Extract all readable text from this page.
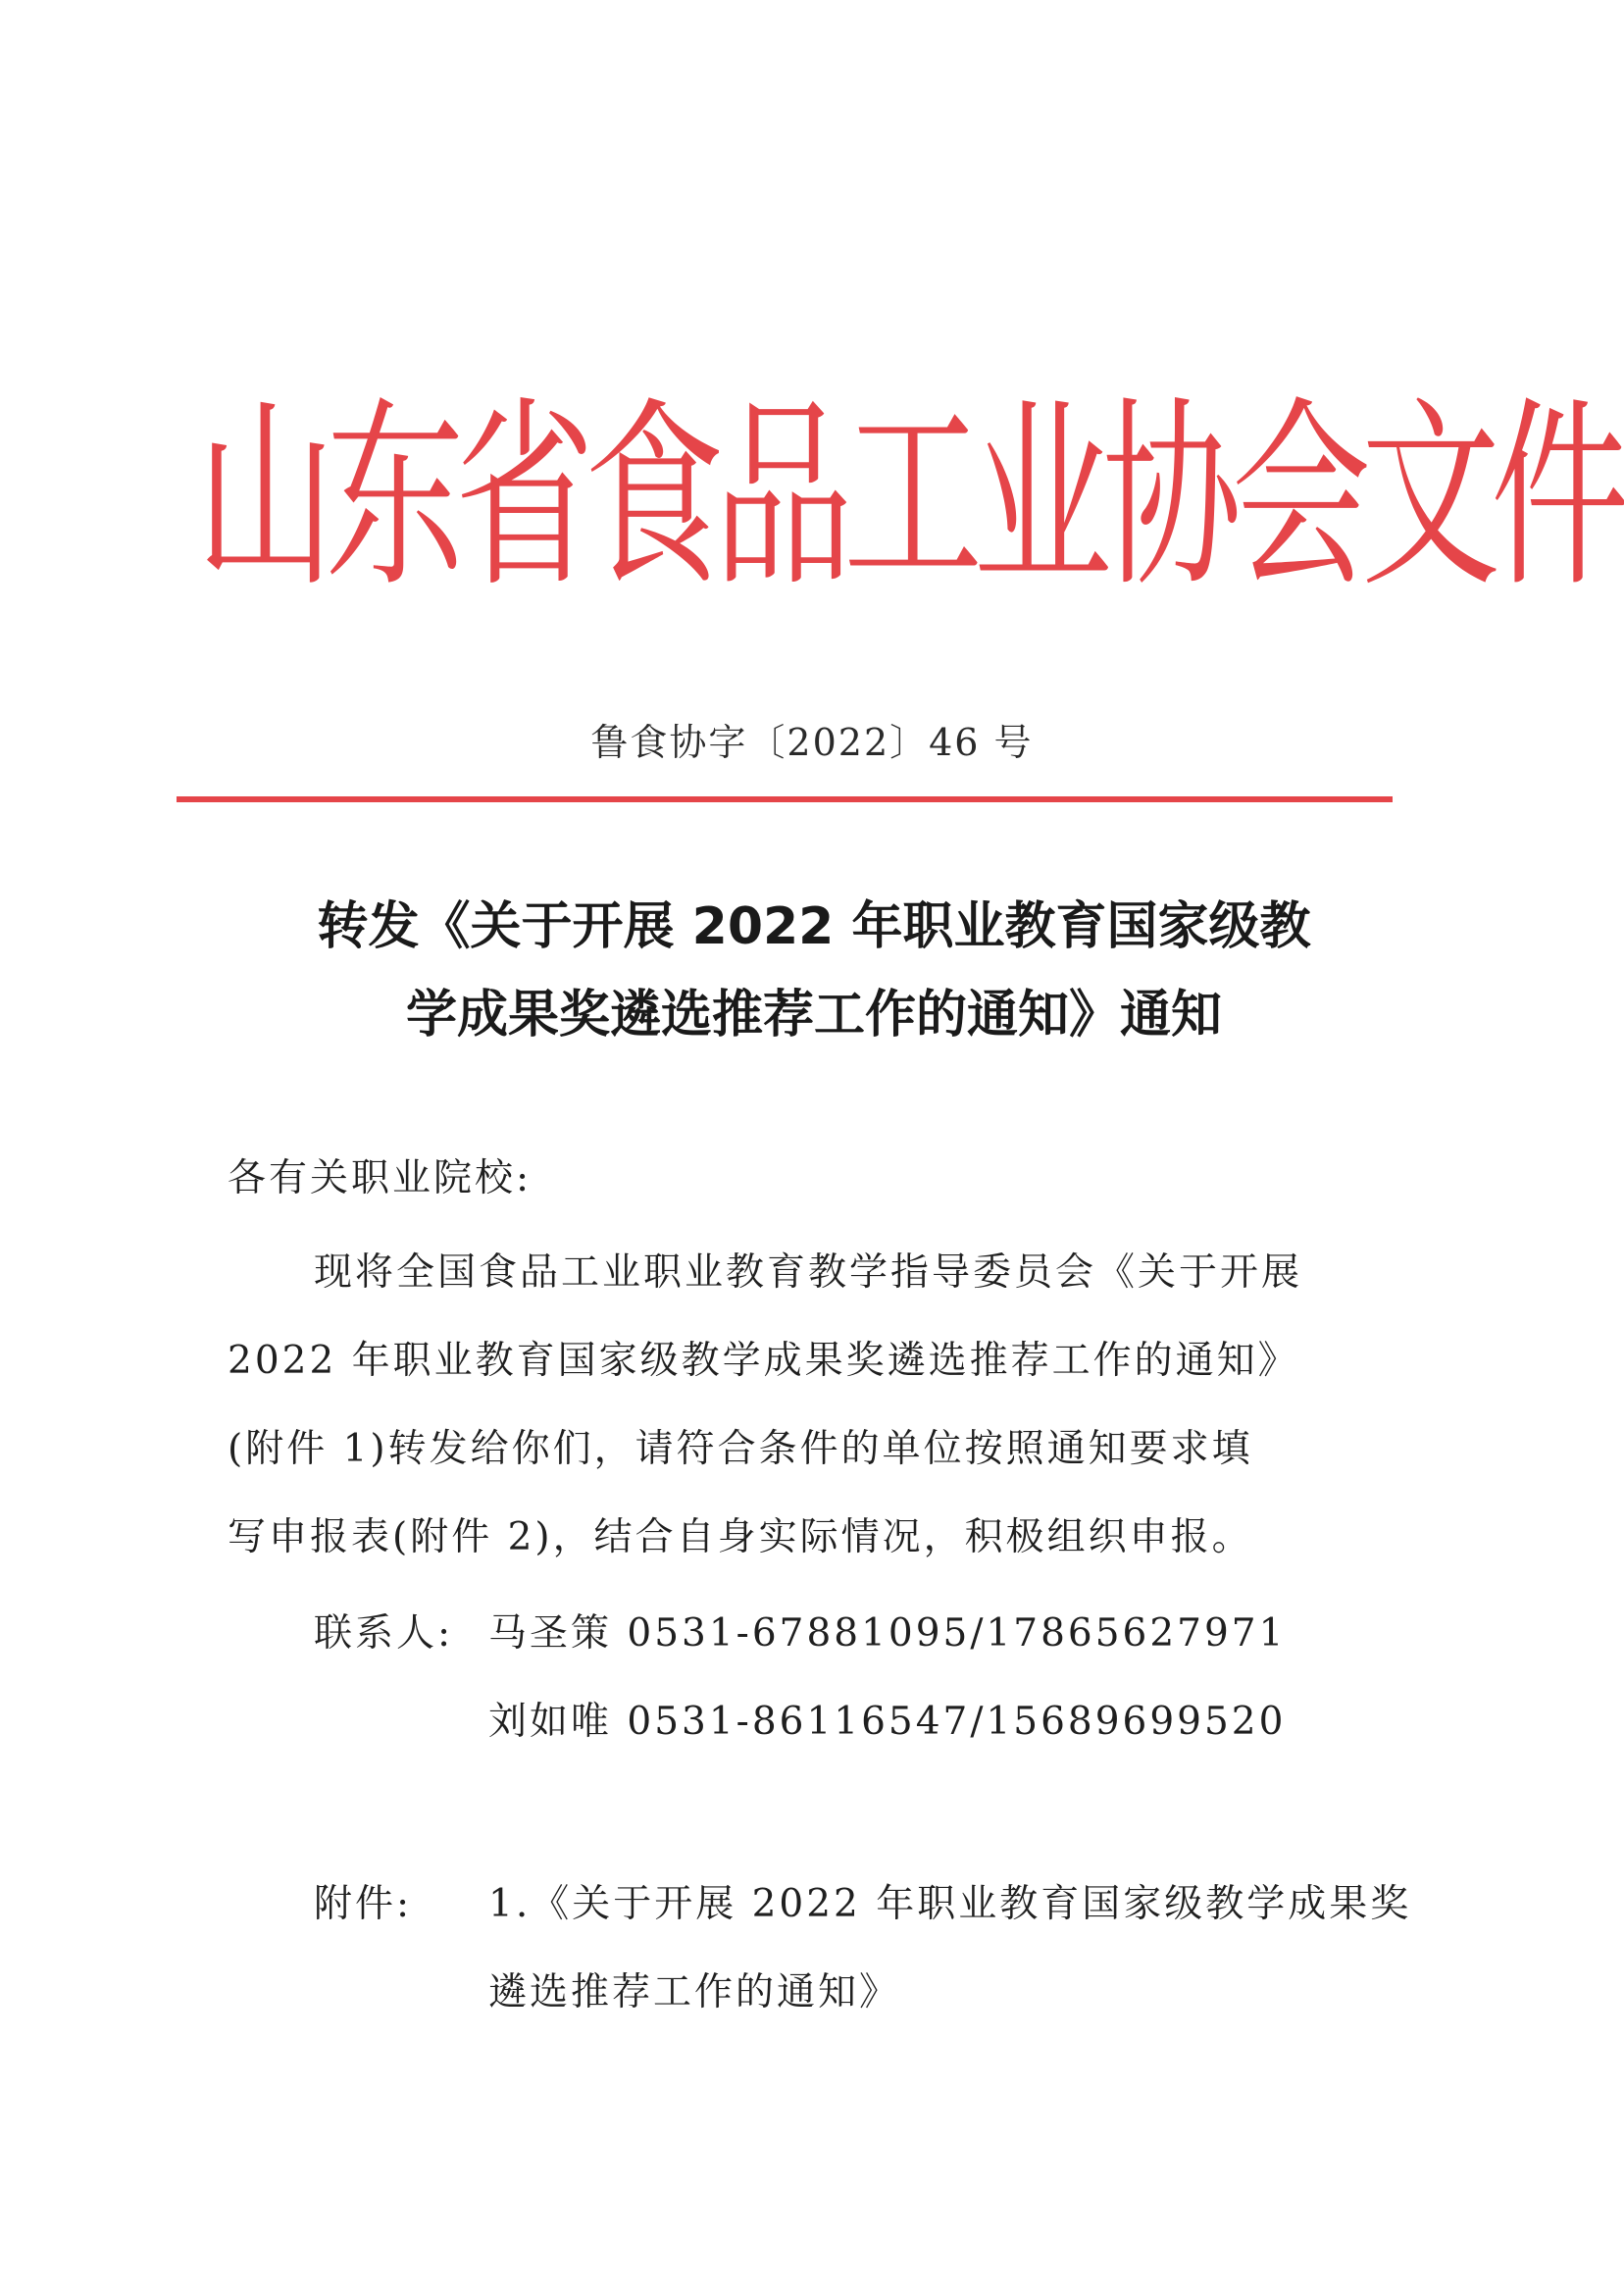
山东省食品工业协会文件
鲁食协字〔2022〕46 号
转发《关于开展 2022 年职业教育国家级教
学成果奖遴选推荐工作的通知》通知
各有关职业院校:
现将全国食品工业职业教育教学指导委员会《关于开展
2022 年职业教育国家级教学成果奖遴选推荐工作的通知》
(附件 1)转发给你们，请符合条件的单位按照通知要求填
写申报表(附件 2)，结合自身实际情况，积极组织申报。
联系人: 马圣策 0531-67881095/17865627971
刘如唯 0531-86116547/15689699520
附件: 1.《关于开展 2022 年职业教育国家级教学成果奖
遴选推荐工作的通知》
